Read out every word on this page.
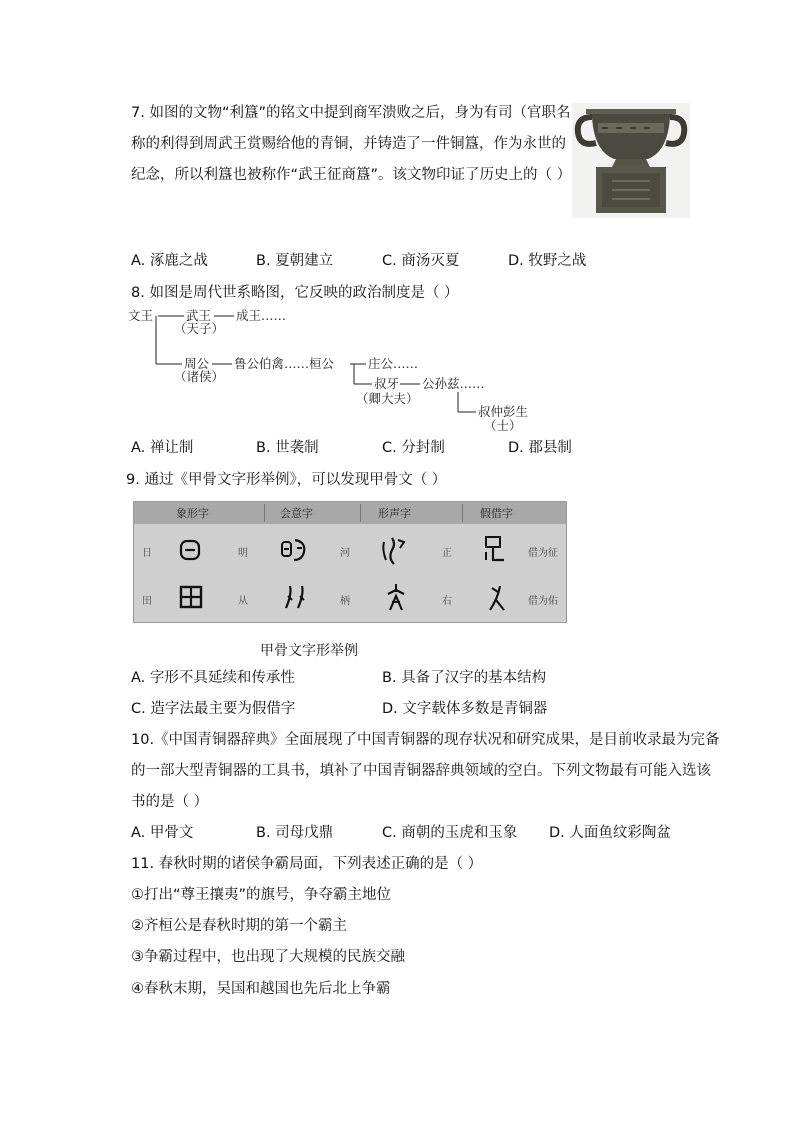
7. 如图的文物“利簋”的铭文中提到商军溃败之后，身为有司（官职名
称的利得到周武王赏赐给他的青铜，并铸造了一件铜簋，作为永世的
纪念，所以利簋也被称作“武王征商簋”。该文物印证了历史上的（ ）
A. 涿鹿之战	B. 夏朝建立	C. 商汤灭夏	D. 牧野之战
8. 如图是周代世系略图，它反映的政治制度是（ ）
文王	武王
（天子）
成王……
周公
（诸侯）
鲁公伯禽……桓公	庄公……
叔牙 公孙兹……
（卿大夫）
叔仲彭生
（士）
A. 禅让制	B. 世袭制	C. 分封制	D. 郡县制
9. 通过《甲骨文字形举例》，可以发现甲骨文（ ）
象形字	会意字	形声字	假借字
日	明	河	正	借为征
田	从	柄	右	借为佑
甲骨文字形举例
A. 字形不具延续和传承性	B. 具备了汉字的基本结构
C. 造字法最主要为假借字	D. 文字载体多数是青铜器
10.《中国青铜器辞典》全面展现了中国青铜器的现存状况和研究成果，是目前收录最为完备
的一部大型青铜器的工具书，填补了中国青铜器辞典领域的空白。下列文物最有可能入选该
书的是（ ）
A. 甲骨文	B. 司母戊鼎	C. 商朝的玉虎和玉象 D. 人面鱼纹彩陶盆
11. 春秋时期的诸侯争霸局面，下列表述正确的是（ ）
①打出“尊王攘夷”的旗号，争夺霸主地位
②齐桓公是春秋时期的第一个霸主
③争霸过程中，也出现了大规模的民族交融
④春秋末期，吴国和越国也先后北上争霸
